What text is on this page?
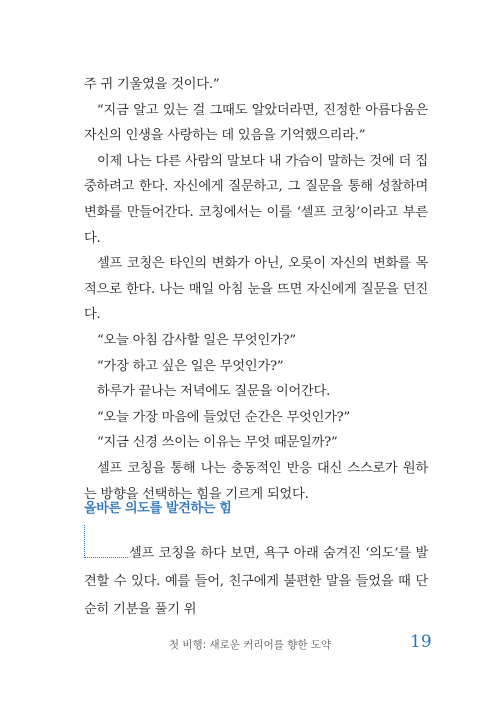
주 귀 기울였을 것이다.”

“지금 알고 있는 걸 그때도 알았더라면, 진정한 아름다움은 자신의 인생을 사랑하는 데 있음을 기억했으리라.”

이제 나는 다른 사람의 말보다 내 가슴이 말하는 것에 더 집중하려고 한다. 자신에게 질문하고, 그 질문을 통해 성찰하며 변화를 만들어간다. 코칭에서는 이를 ‘셀프 코칭’이라고 부른다.

셀프 코칭은 타인의 변화가 아닌, 오롯이 자신의 변화를 목적으로 한다. 나는 매일 아침 눈을 뜨면 자신에게 질문을 던진다.

“오늘 아침 감사할 일은 무엇인가?”

“가장 하고 싶은 일은 무엇인가?”

하루가 끝나는 저녁에도 질문을 이어간다.

“오늘 가장 마음에 들었던 순간은 무엇인가?”

“지금 신경 쓰이는 이유는 무엇 때문일까?”

셀프 코칭을 통해 나는 충동적인 반응 대신 스스로가 원하는 방향을 선택하는 힘을 기르게 되었다.

올바른 의도를 발견하는 힘

셀프 코칭을 하다 보면, 욕구 아래 숨겨진 ‘의도’를 발견할 수 있다. 예를 들어, 친구에게 불편한 말을 들었을 때 단순히 기분을 풀기 위

첫 비행: 새로운 커리어를 향한 도약	19
